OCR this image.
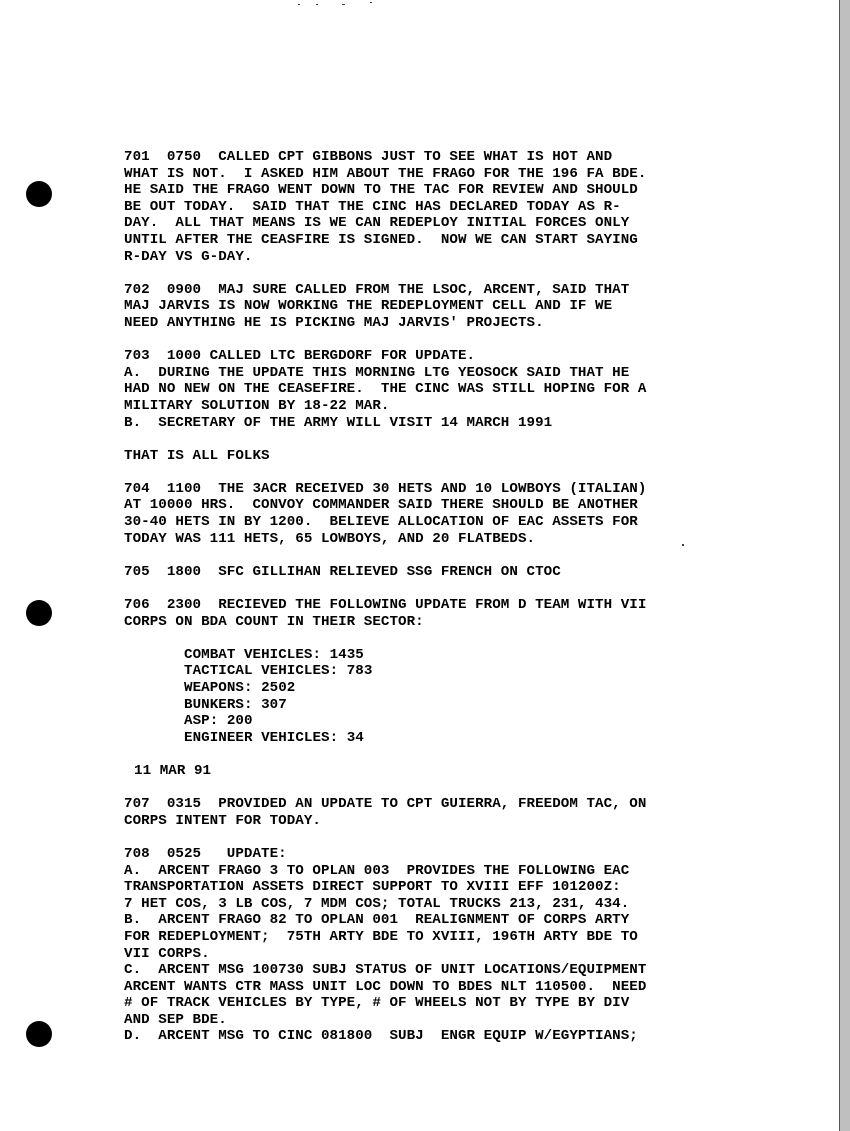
701  0750  CALLED CPT GIBBONS JUST TO SEE WHAT IS HOT AND
WHAT IS NOT.  I ASKED HIM ABOUT THE FRAGO FOR THE 196 FA BDE.
HE SAID THE FRAGO WENT DOWN TO THE TAC FOR REVIEW AND SHOULD
BE OUT TODAY.  SAID THAT THE CINC HAS DECLARED TODAY AS R-
DAY.  ALL THAT MEANS IS WE CAN REDEPLOY INITIAL FORCES ONLY
UNTIL AFTER THE CEASFIRE IS SIGNED.  NOW WE CAN START SAYING
R-DAY VS G-DAY.
702  0900  MAJ SURE CALLED FROM THE LSOC, ARCENT, SAID THAT
MAJ JARVIS IS NOW WORKING THE REDEPLOYMENT CELL AND IF WE
NEED ANYTHING HE IS PICKING MAJ JARVIS' PROJECTS.
703  1000 CALLED LTC BERGDORF FOR UPDATE.
A.  DURING THE UPDATE THIS MORNING LTG YEOSOCK SAID THAT HE
HAD NO NEW ON THE CEASEFIRE.  THE CINC WAS STILL HOPING FOR A
MILITARY SOLUTION BY 18-22 MAR.
B.  SECRETARY OF THE ARMY WILL VISIT 14 MARCH 1991
THAT IS ALL FOLKS
704  1100  THE 3ACR RECEIVED 30 HETS AND 10 LOWBOYS (ITALIAN)
AT 10000 HRS.  CONVOY COMMANDER SAID THERE SHOULD BE ANOTHER
30-40 HETS IN BY 1200.  BELIEVE ALLOCATION OF EAC ASSETS FOR
TODAY WAS 111 HETS, 65 LOWBOYS, AND 20 FLATBEDS.
705  1800  SFC GILLIHAN RELIEVED SSG FRENCH ON CTOC
706  2300  RECIEVED THE FOLLOWING UPDATE FROM D TEAM WITH VII
CORPS ON BDA COUNT IN THEIR SECTOR:
COMBAT VEHICLES: 1435
TACTICAL VEHICLES: 783
WEAPONS: 2502
BUNKERS: 307
ASP: 200
ENGINEER VEHICLES: 34
11 MAR 91
707  0315  PROVIDED AN UPDATE TO CPT GUIERRA, FREEDOM TAC, ON
CORPS INTENT FOR TODAY.
708  0525   UPDATE:
A.  ARCENT FRAGO 3 TO OPLAN 003  PROVIDES THE FOLLOWING EAC
TRANSPORTATION ASSETS DIRECT SUPPORT TO XVIII EFF 101200Z:
7 HET COS, 3 LB COS, 7 MDM COS; TOTAL TRUCKS 213, 231, 434.
B.  ARCENT FRAGO 82 TO OPLAN 001  REALIGNMENT OF CORPS ARTY
FOR REDEPLOYMENT;  75TH ARTY BDE TO XVIII, 196TH ARTY BDE TO
VII CORPS.
C.  ARCENT MSG 100730 SUBJ STATUS OF UNIT LOCATIONS/EQUIPMENT
ARCENT WANTS CTR MASS UNIT LOC DOWN TO BDES NLT 110500.  NEED
# OF TRACK VEHICLES BY TYPE, # OF WHEELS NOT BY TYPE BY DIV
AND SEP BDE.
D.  ARCENT MSG TO CINC 081800  SUBJ  ENGR EQUIP W/EGYPTIANS;
